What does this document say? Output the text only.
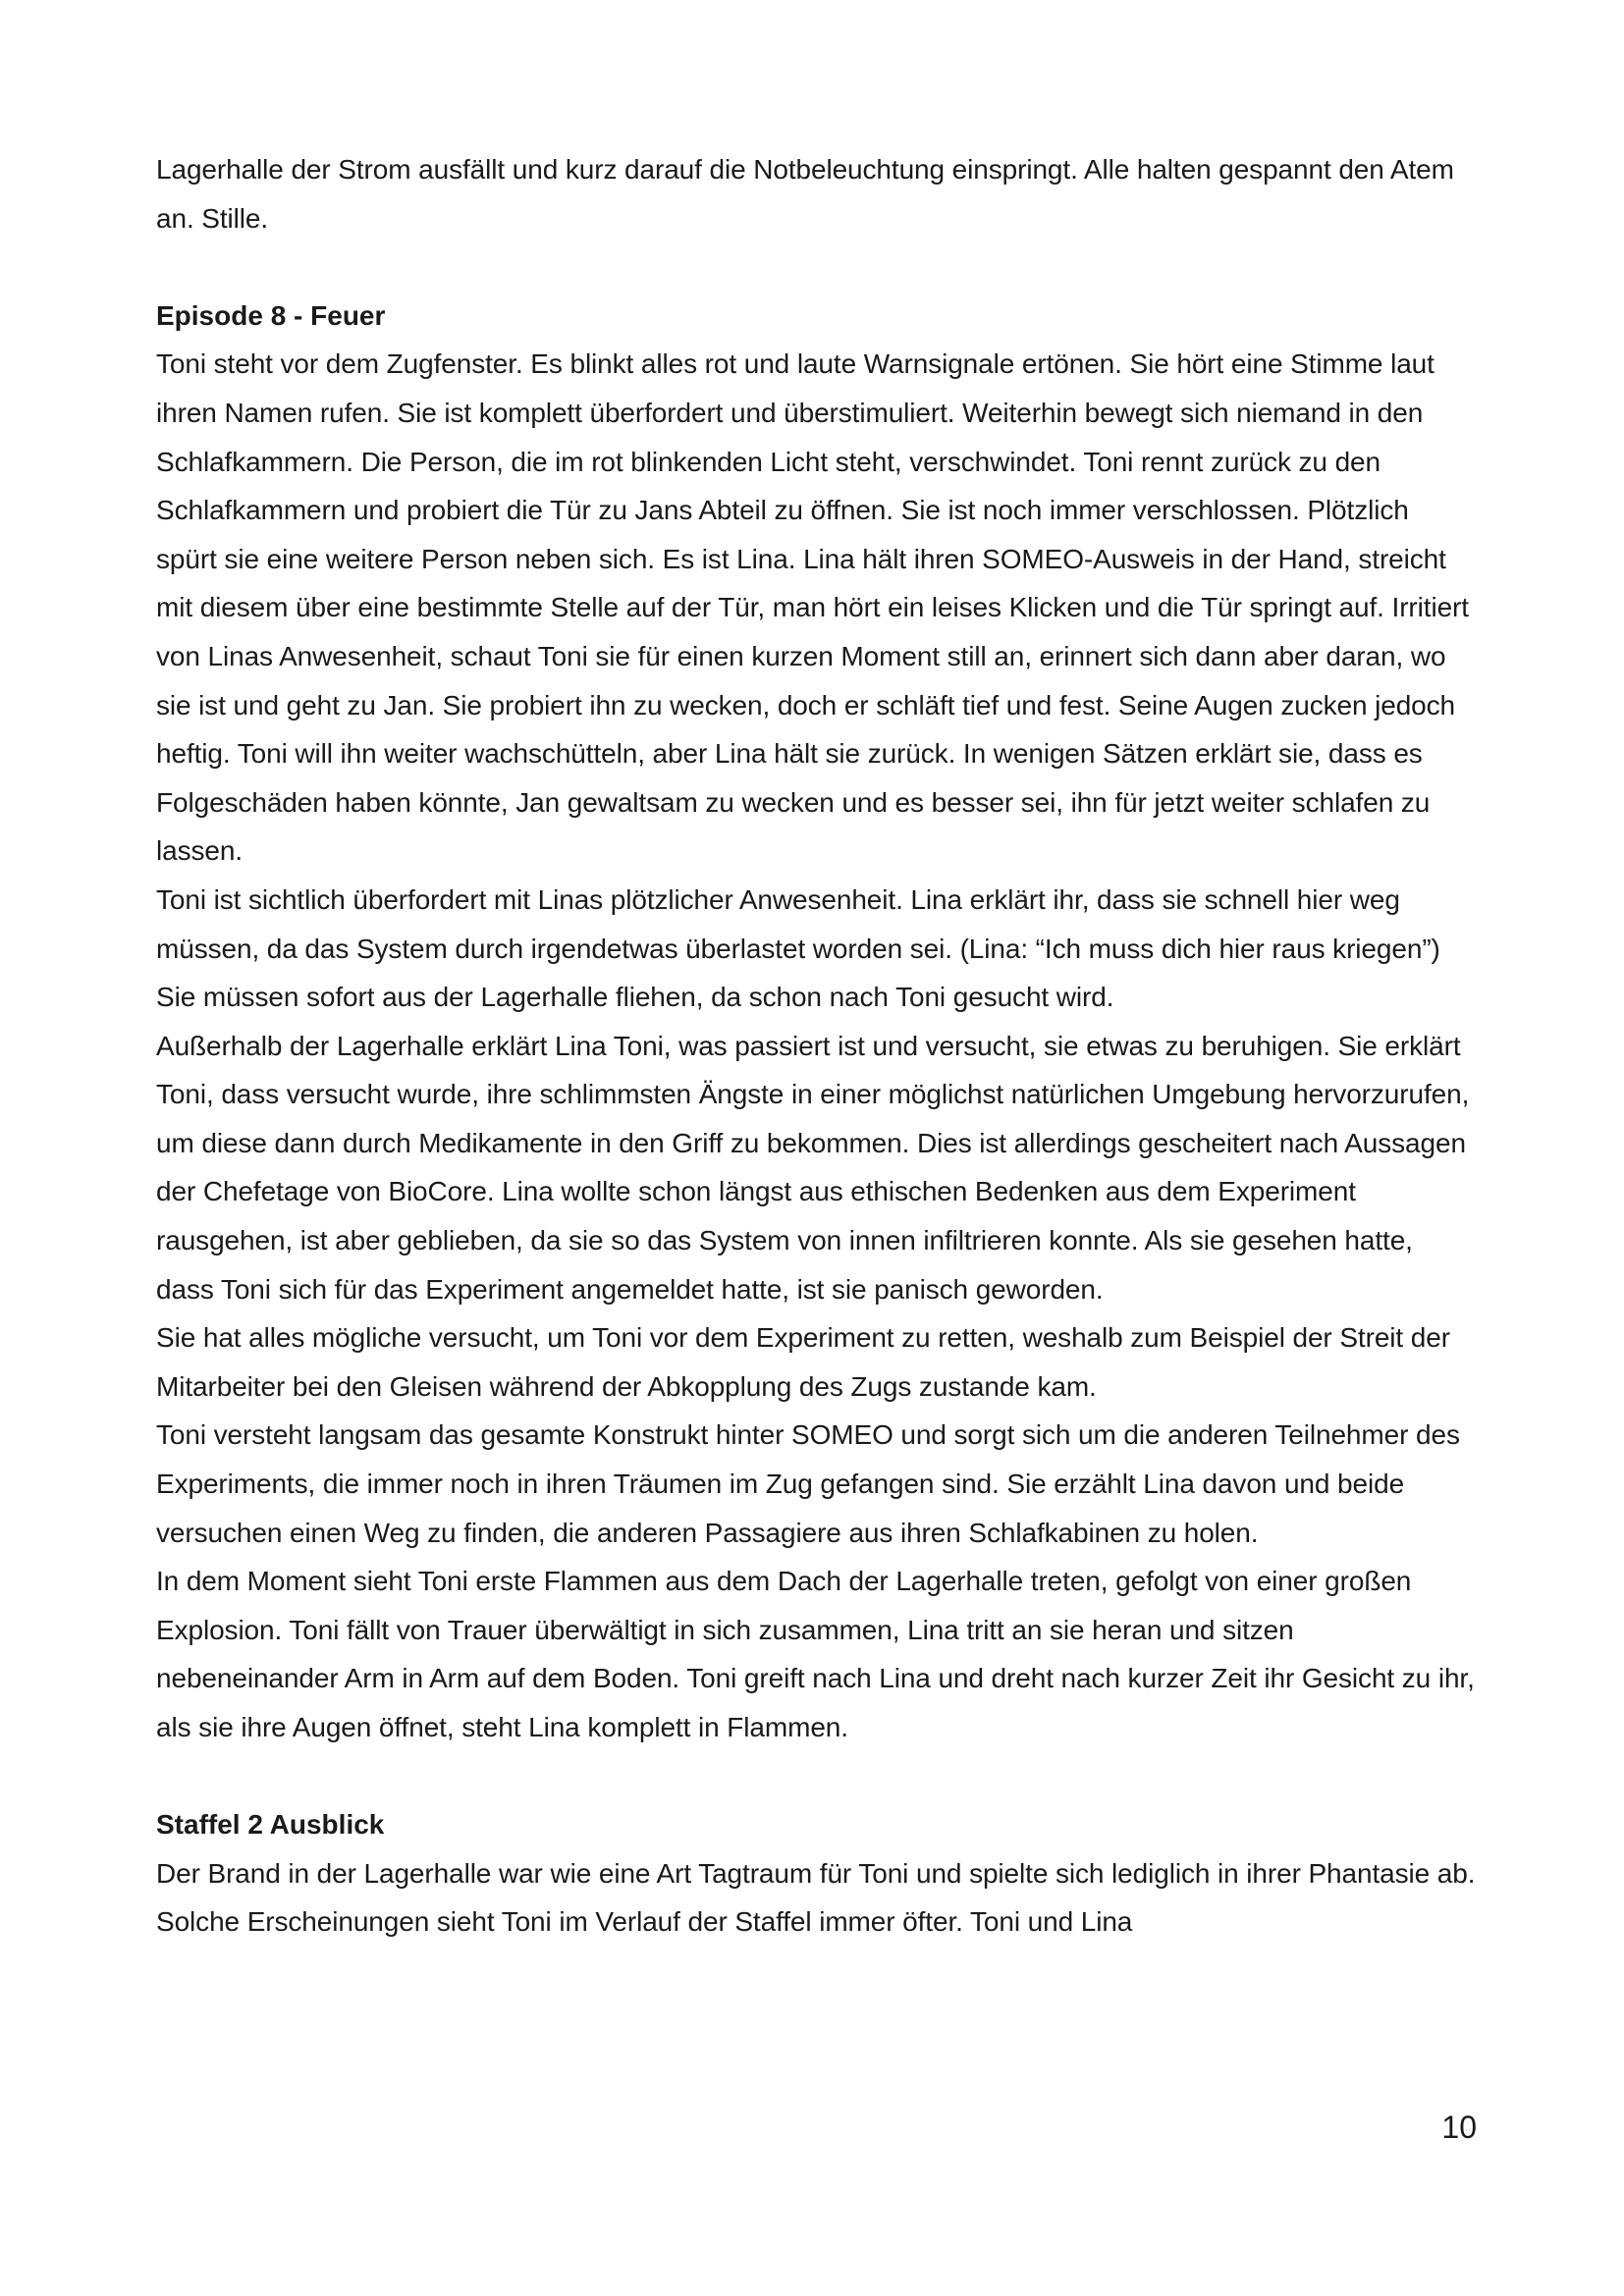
Lagerhalle der Strom ausfällt und kurz darauf die Notbeleuchtung einspringt. Alle halten gespannt den Atem an. Stille.

Episode 8 - Feuer

Toni steht vor dem Zugfenster. Es blinkt alles rot und laute Warnsignale ertönen. Sie hört eine Stimme laut ihren Namen rufen. Sie ist komplett überfordert und überstimuliert. Weiterhin bewegt sich niemand in den Schlafkammern. Die Person, die im rot blinkenden Licht steht, verschwindet. Toni rennt zurück zu den Schlafkammern und probiert die Tür zu Jans Abteil zu öffnen. Sie ist noch immer verschlossen. Plötzlich spürt sie eine weitere Person neben sich. Es ist Lina. Lina hält ihren SOMEO-Ausweis in der Hand, streicht mit diesem über eine bestimmte Stelle auf der Tür, man hört ein leises Klicken und die Tür springt auf. Irritiert von Linas Anwesenheit, schaut Toni sie für einen kurzen Moment still an, erinnert sich dann aber daran, wo sie ist und geht zu Jan. Sie probiert ihn zu wecken, doch er schläft tief und fest. Seine Augen zucken jedoch heftig. Toni will ihn weiter wachschütteln, aber Lina hält sie zurück. In wenigen Sätzen erklärt sie, dass es Folgeschäden haben könnte, Jan gewaltsam zu wecken und es besser sei, ihn für jetzt weiter schlafen zu lassen.

Toni ist sichtlich überfordert mit Linas plötzlicher Anwesenheit. Lina erklärt ihr, dass sie schnell hier weg müssen, da das System durch irgendetwas überlastet worden sei. (Lina: “Ich muss dich hier raus kriegen”) Sie müssen sofort aus der Lagerhalle fliehen, da schon nach Toni gesucht wird.

Außerhalb der Lagerhalle erklärt Lina Toni, was passiert ist und versucht, sie etwas zu beruhigen. Sie erklärt Toni, dass versucht wurde, ihre schlimmsten Ängste in einer möglichst natürlichen Umgebung hervorzurufen, um diese dann durch Medikamente in den Griff zu bekommen. Dies ist allerdings gescheitert nach Aussagen der Chefetage von BioCore. Lina wollte schon längst aus ethischen Bedenken aus dem Experiment rausgehen, ist aber geblieben, da sie so das System von innen infiltrieren konnte. Als sie gesehen hatte, dass Toni sich für das Experiment angemeldet hatte, ist sie panisch geworden.

Sie hat alles mögliche versucht, um Toni vor dem Experiment zu retten, weshalb zum Beispiel der Streit der Mitarbeiter bei den Gleisen während der Abkopplung des Zugs zustande kam.

Toni versteht langsam das gesamte Konstrukt hinter SOMEO und sorgt sich um die anderen Teilnehmer des Experiments, die immer noch in ihren Träumen im Zug gefangen sind. Sie erzählt Lina davon und beide versuchen einen Weg zu finden, die anderen Passagiere aus ihren Schlafkabinen zu holen.

In dem Moment sieht Toni erste Flammen aus dem Dach der Lagerhalle treten, gefolgt von einer großen Explosion. Toni fällt von Trauer überwältigt in sich zusammen, Lina tritt an sie heran und sitzen nebeneinander Arm in Arm auf dem Boden. Toni greift nach Lina und dreht nach kurzer Zeit ihr Gesicht zu ihr, als sie ihre Augen öffnet, steht Lina komplett in Flammen.

Staffel 2 Ausblick

Der Brand in der Lagerhalle war wie eine Art Tagtraum für Toni und spielte sich lediglich in ihrer Phantasie ab. Solche Erscheinungen sieht Toni im Verlauf der Staffel immer öfter. Toni und Lina

10
